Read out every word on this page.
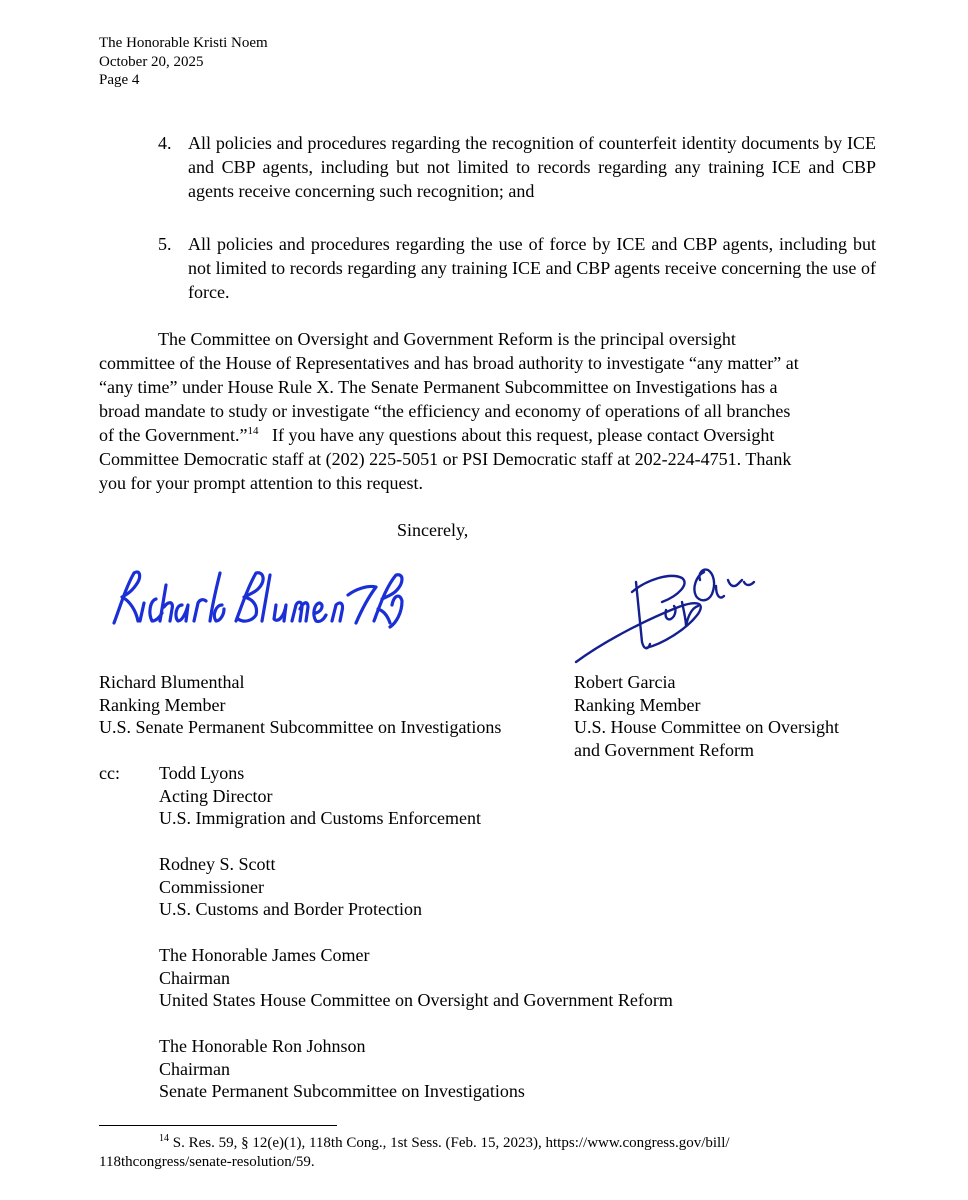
The Honorable Kristi Noem
October 20, 2025
Page 4
4. All policies and procedures regarding the recognition of counterfeit identity documents by ICE and CBP agents, including but not limited to records regarding any training ICE and CBP agents receive concerning such recognition; and
5. All policies and procedures regarding the use of force by ICE and CBP agents, including but not limited to records regarding any training ICE and CBP agents receive concerning the use of force.
The Committee on Oversight and Government Reform is the principal oversight
committee of the House of Representatives and has broad authority to investigate “any matter” at
“any time” under House Rule X. The Senate Permanent Subcommittee on Investigations has a
broad mandate to study or investigate “the efficiency and economy of operations of all branches
of the Government.”$^{14}$ If you have any questions about this request, please contact Oversight
Committee Democratic staff at (202) 225-5051 or PSI Democratic staff at 202-224-4751. Thank
you for your prompt attention to this request.
Sincerely,
Richard Blumenthal
Ranking Member
U.S. Senate Permanent Subcommittee on Investigations
Robert Garcia
Ranking Member
U.S. House Committee on Oversight
and Government Reform
cc: Todd Lyons
Acting Director
U.S. Immigration and Customs Enforcement
Rodney S. Scott
Commissioner
U.S. Customs and Border Protection
The Honorable James Comer
Chairman
United States House Committee on Oversight and Government Reform
The Honorable Ron Johnson
Chairman
Senate Permanent Subcommittee on Investigations
$^{14}$ S. Res. 59, § 12(e)(1), 118th Cong., 1st Sess. (Feb. 15, 2023), https://www.congress.gov/bill/
118thcongress/senate-resolution/59.
